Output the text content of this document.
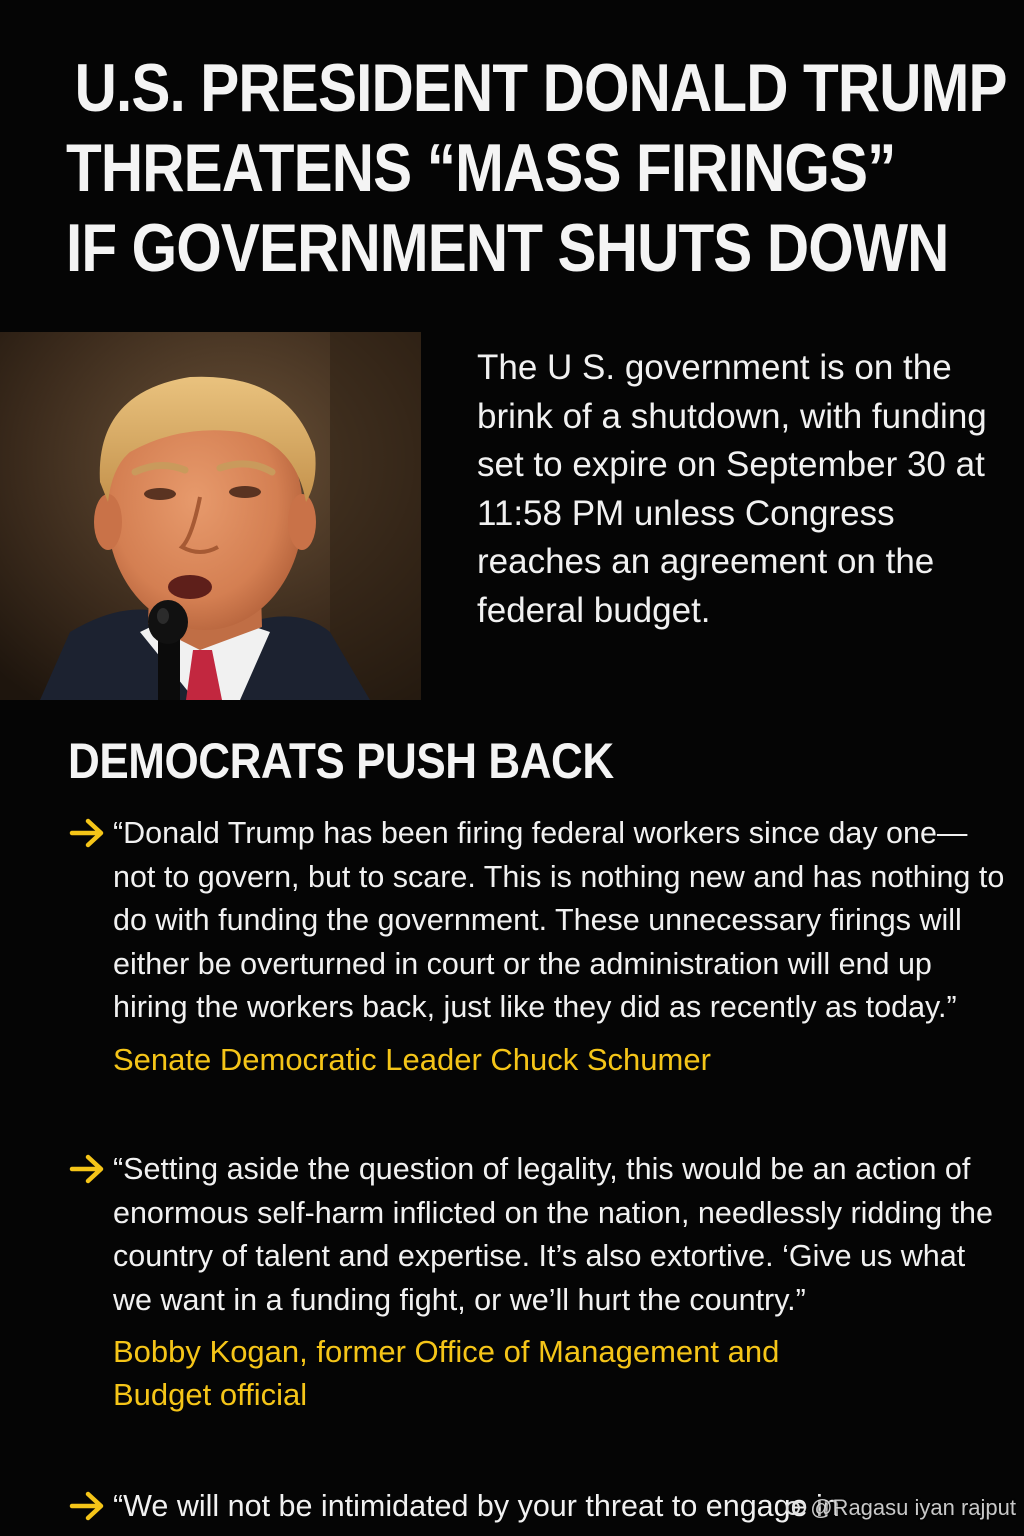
U.S. PRESIDENT DONALD TRUMP
THREATENS “MASS FIRINGS”
IF GOVERNMENT SHUTS DOWN

The U S. government is on the brink of a shutdown, with funding set to expire on September 30 at 11:58 PM unless Congress reaches an agreement on the federal budget.

DEMOCRATS PUSH BACK

“Donald Trump has been firing federal workers since day one—not to govern, but to scare. This is nothing new and has nothing to do with funding the government. These unnecessary firings will either be overturned in court or the administration will end up hiring the workers back, just like they did as recently as today.”

Senate Democratic Leader Chuck Schumer

“Setting aside the question of legality, this would be an action of enormous self-harm inflicted on the nation, needlessly ridding the country of talent and expertise. It’s also extortive. ‘Give us what we want in a funding fight, or we’ll hurt the country.”

Bobby Kogan, former Office of Management and Budget official

“We will not be intimidated by your threat to engage in

@Ragasu iyan rajput
